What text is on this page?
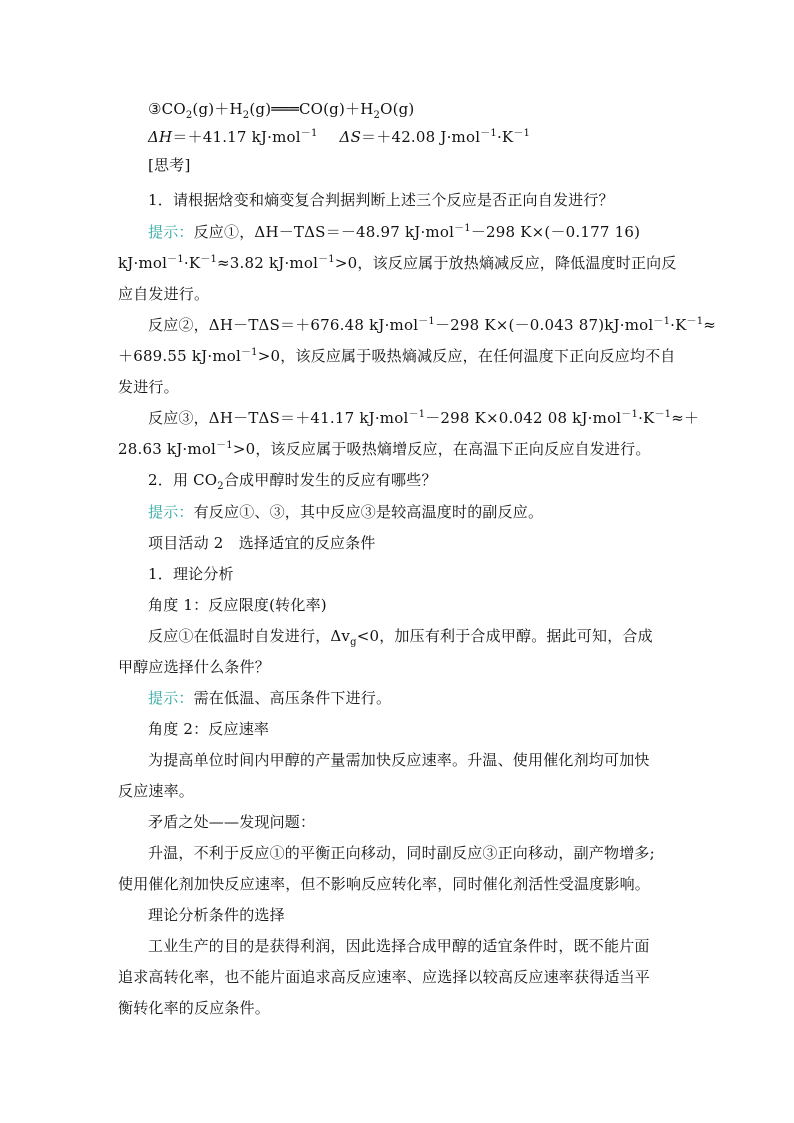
$③CO_2(g)+H_2(g)═══CO(g)+H_2O(g)$
ΔH＝＋41.17 kJ·mol$^{-1}$ ΔS＝＋42.08 $J\cdot mol^{-1}\cdot K^{-1}$
[思考]
1．请根据焓变和熵变复合判据判断上述三个反应是否正向自发进行？
提示：反应①，ΔH－TΔS＝－48.97 kJ·mol$^{-1}$－298 K×(－0.177 16)
$kJ\cdot mol^{-1}\cdot K^{-1}\approx 3.82$ kJ·mol$^{-1}$>0，该反应属于放热熵减反应，降低温度时正向反
应自发进行。
反应②，ΔH－TΔS＝＋676.48 kJ·mol$^{-1}$－298 K×(－0.043 $87)kJ\cdot mol^{-1}\cdot K^{-1}\approx$
＋689.55 kJ·mol$^{-1}$>0，该反应属于吸热熵减反应，在任何温度下正向反应均不自
发进行。
反应③，ΔH－TΔS＝＋41.17 kJ·mol$^{-1}$－298 K×0.042 08 $kJ\cdot mol^{-1}\cdot K^{-1}\approx+$
28.63 kJ·mol$^{-1}$>0，该反应属于吸热熵增反应，在高温下正向反应自发进行。
2．用 $CO_2$合成甲醇时发生的反应有哪些？
提示：有反应①、③，其中反应③是较高温度时的副反应。
项目活动 2　选择适宜的反应条件
1．理论分析
角度 1：反应限度(转化率)
反应①在低温时自发进行，$\Delta v_g<0$，加压有利于合成甲醇。据此可知，合成
甲醇应选择什么条件？
提示：需在低温、高压条件下进行。
角度 2：反应速率
为提高单位时间内甲醇的产量需加快反应速率。升温、使用催化剂均可加快
反应速率。
矛盾之处——发现问题：
升温，不利于反应①的平衡正向移动，同时副反应③正向移动，副产物增多;
使用催化剂加快反应速率，但不影响反应转化率，同时催化剂活性受温度影响。
理论分析条件的选择
工业生产的目的是获得利润，因此选择合成甲醇的适宜条件时，既不能片面
追求高转化率，也不能片面追求高反应速率、应选择以较高反应速率获得适当平
衡转化率的反应条件。
